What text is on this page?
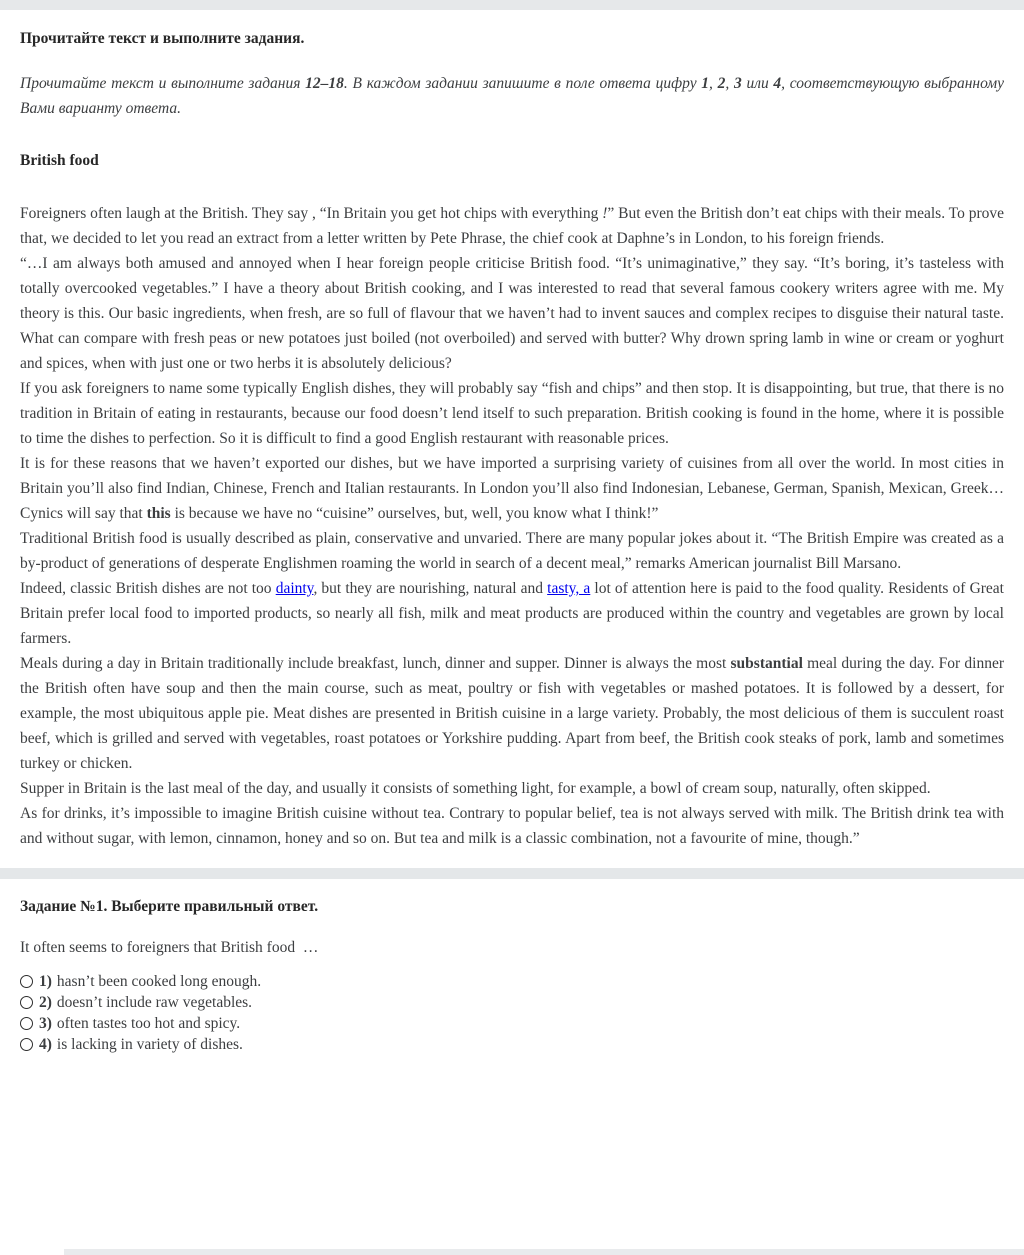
Прочитайте текст и выполните задания.

Прочитайте текст и выполните задания 12–18. В каждом задании запишите в поле ответа цифру 1, 2, 3 или 4, соответствующую выбранному Вами варианту ответа.

British food

Foreigners often laugh at the British. They say , “In Britain you get hot chips with everything !” But even the British don’t eat chips with their meals. To prove that, we decided to let you read an extract from a letter written by Pete Phrase, the chief cook at Daphne’s in London, to his foreign friends.

“…I am always both amused and annoyed when I hear foreign people criticise British food. “It’s unimaginative,” they say. “It’s boring, it’s tasteless with totally overcooked vegetables.” I have a theory about British cooking, and I was interested to read that several famous cookery writers agree with me. My theory is this. Our basic ingredients, when fresh, are so full of flavour that we haven’t had to invent sauces and complex recipes to disguise their natural taste. What can compare with fresh peas or new potatoes just boiled (not overboiled) and served with butter? Why drown spring lamb in wine or cream or yoghurt and spices, when with just one or two herbs it is absolutely delicious?

If you ask foreigners to name some typically English dishes, they will probably say “fish and chips” and then stop. It is disappointing, but true, that there is no tradition in Britain of eating in restaurants, because our food doesn’t lend itself to such preparation. British cooking is found in the home, where it is possible to time the dishes to perfection. So it is difficult to find a good English restaurant with reasonable prices.

It is for these reasons that we haven’t exported our dishes, but we have imported a surprising variety of cuisines from all over the world. In most cities in Britain you’ll also find Indian, Chinese, French and Italian restaurants. In London you’ll also find Indonesian, Lebanese, German, Spanish, Mexican, Greek… Cynics will say that this is because we have no “cuisine” ourselves, but, well, you know what I think!”

Traditional British food is usually described as plain, conservative and unvaried. There are many popular jokes about it. “The British Empire was created as a by-product of generations of desperate Englishmen roaming the world in search of a decent meal,” remarks American journalist Bill Marsano.

Indeed, classic British dishes are not too dainty, but they are nourishing, natural and tasty, a lot of attention here is paid to the food quality. Residents of Great Britain prefer local food to imported products, so nearly all fish, milk and meat products are produced within the country and vegetables are grown by local farmers.

Meals during a day in Britain traditionally include breakfast, lunch, dinner and supper. Dinner is always the most substantial meal during the day. For dinner the British often have soup and then the main course, such as meat, poultry or fish with vegetables or mashed potatoes. It is followed by a dessert, for example, the most ubiquitous apple pie. Meat dishes are presented in British cuisine in a large variety. Probably, the most delicious of them is succulent roast beef, which is grilled and served with vegetables, roast potatoes or Yorkshire pudding. Apart from beef, the British cook steaks of pork, lamb and sometimes turkey or chicken.

Supper in Britain is the last meal of the day, and usually it consists of something light, for example, a bowl of cream soup, naturally, often skipped.

As for drinks, it’s impossible to imagine British cuisine without tea. Contrary to popular belief, tea is not always served with milk. The British drink tea with and without sugar, with lemon, cinnamon, honey and so on. But tea and milk is a classic combination, not a favourite of mine, though.”

Задание №1. Выберите правильный ответ.
It often seems to foreigners that British food  …
1) hasn’t been cooked long enough.
2) doesn’t include raw vegetables.
3) often tastes too hot and spicy.
4) is lacking in variety of dishes.
